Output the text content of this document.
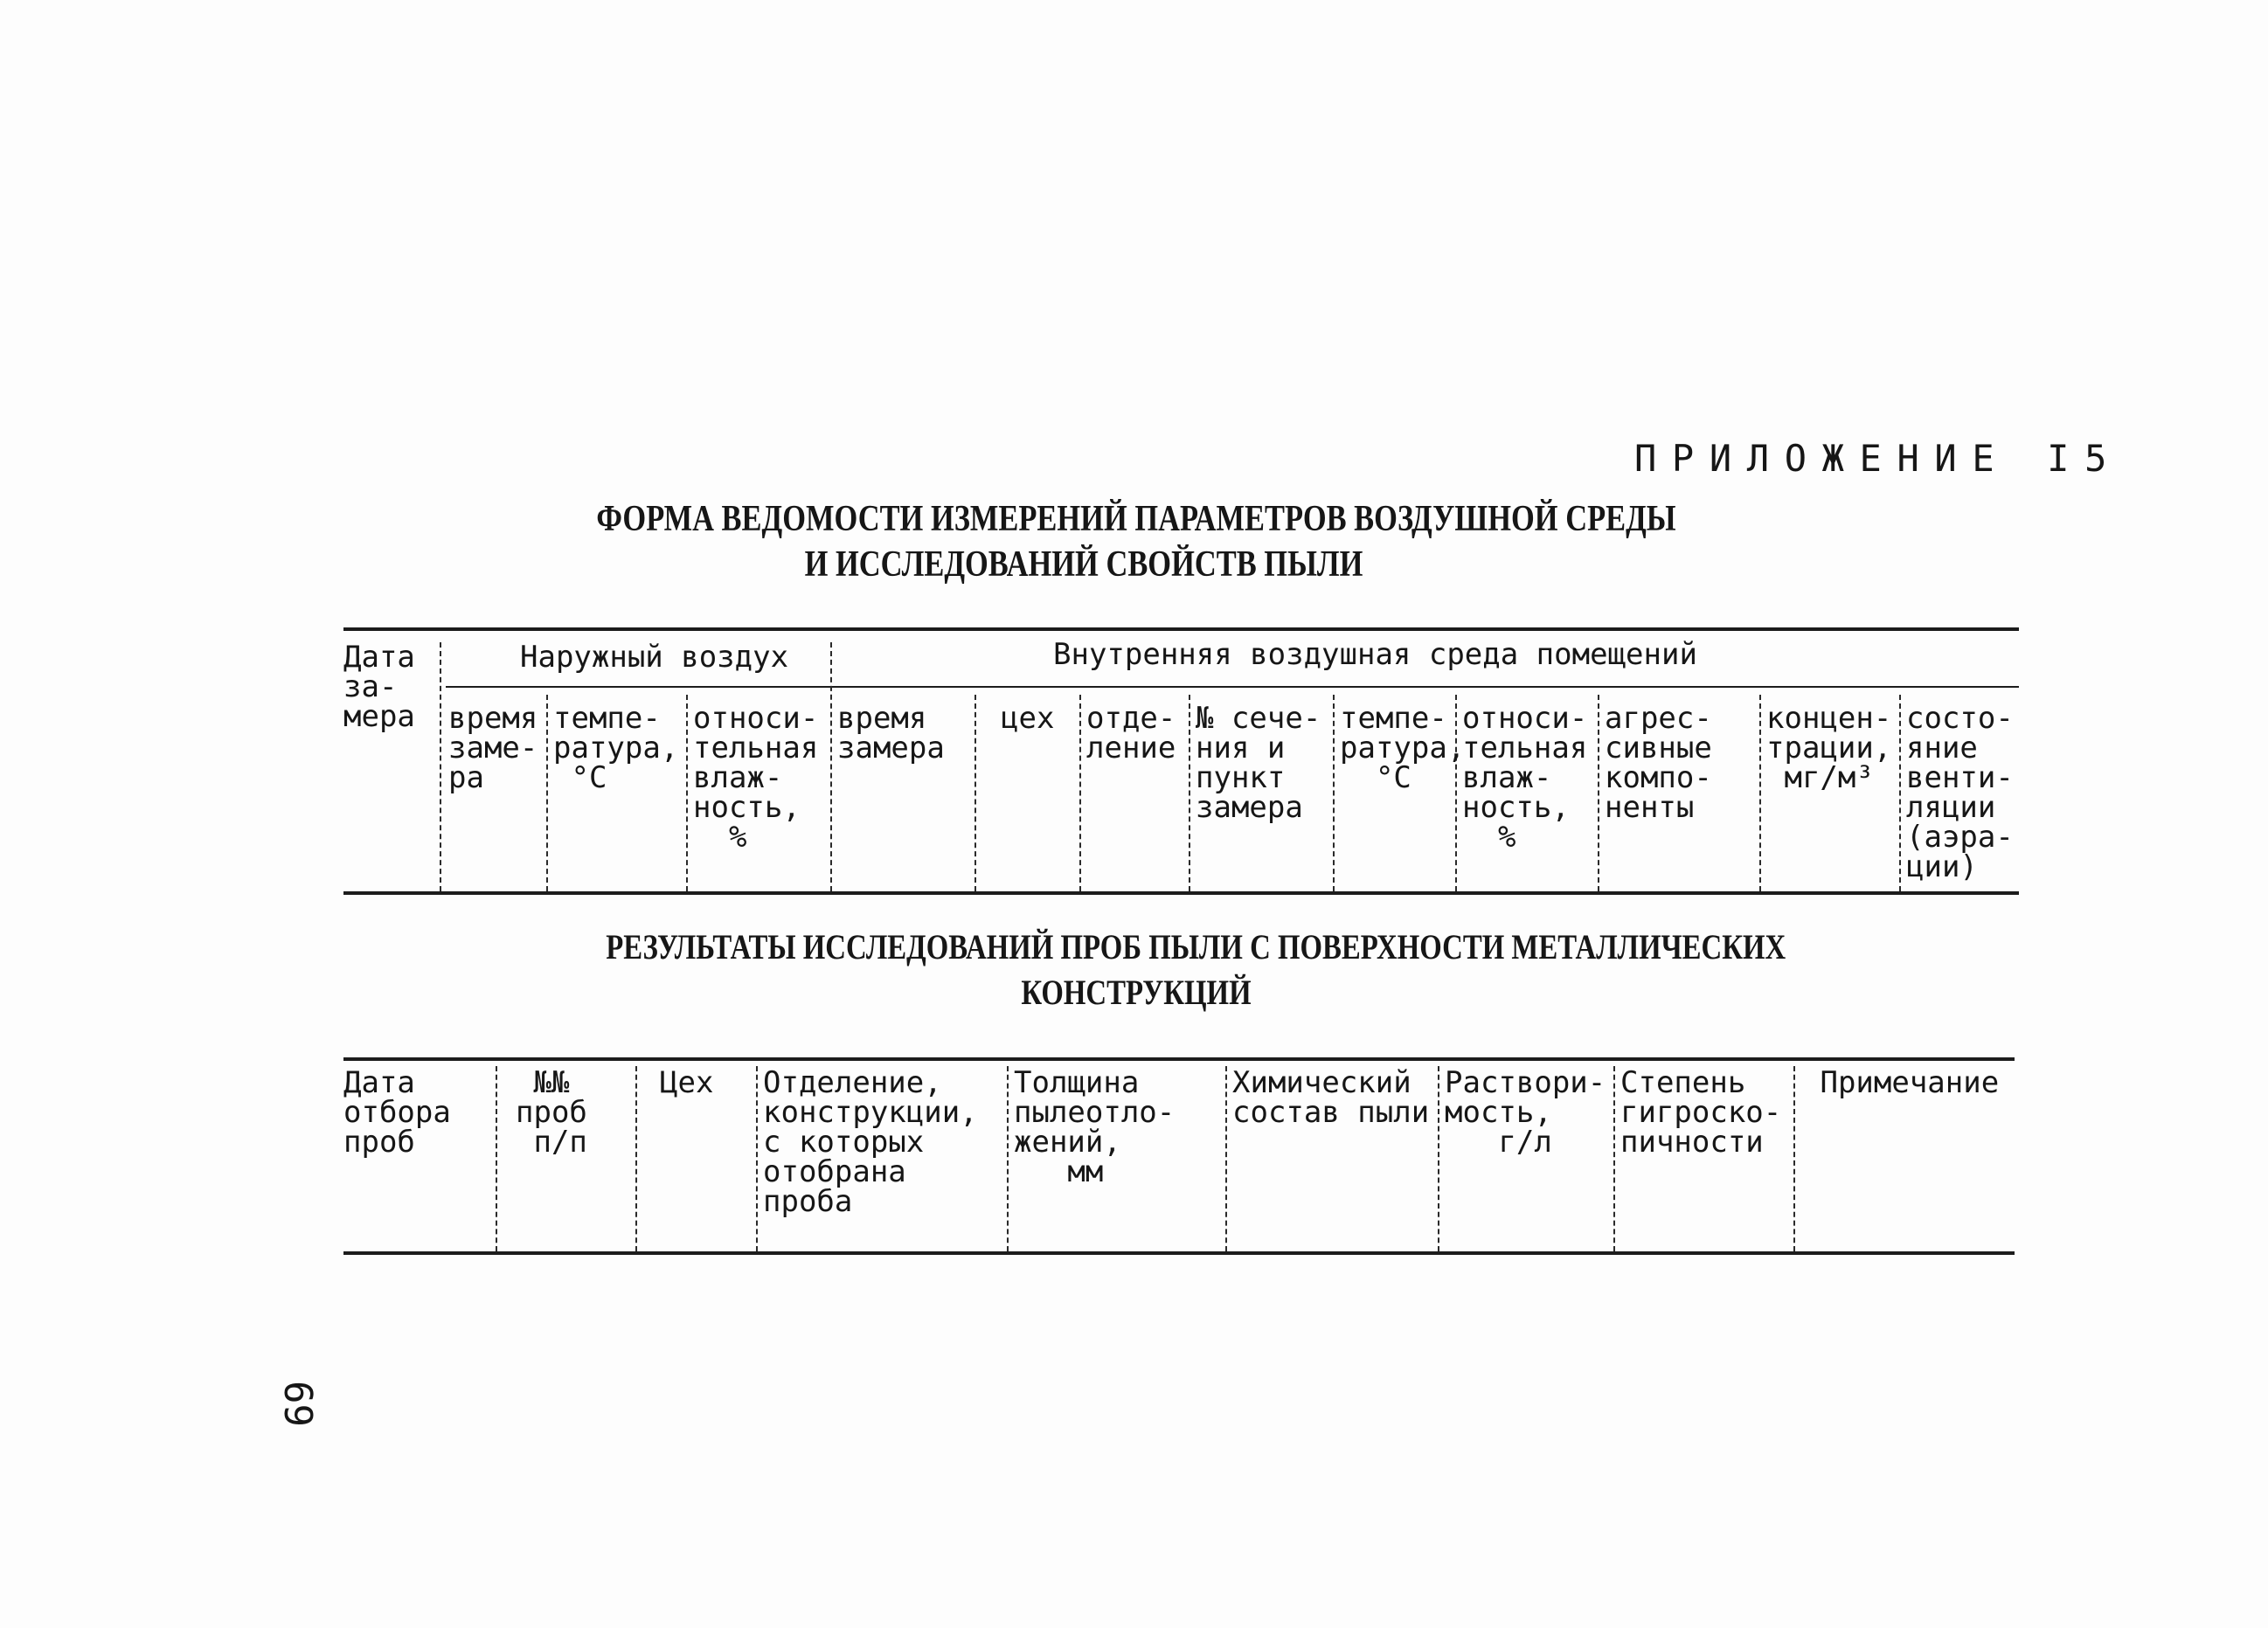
ПРИЛОЖЕНИЕ I5
ФОРМА ВЕДОМОСТИ ИЗМЕРЕНИЙ ПАРАМЕТРОВ ВОЗДУШНОЙ СРЕДЫ
И ИССЛЕДОВАНИЙ СВОЙСТВ ПЫЛИ
Дата
за-
мера
Наружный воздух	Внутренняя воздушная среда помещений
время
заме-
ра
темпе-
ратура,
°С
относи-
тельная
влаж-
ность,
%
время
замера
цех отде-
ление
№ сече-
ния и
пункт
замера
темпе-
ратура,
°С
относи-
тельная
влаж-
ность,
%
агрес-
сивные
компо-
ненты
концен-
трации,
мг/м³
состо-
яние
венти-
ляции
(аэра-
ции)
РЕЗУЛЬТАТЫ ИССЛЕДОВАНИЙ ПРОБ ПЫЛИ С ПОВЕРХНОСТИ МЕТАЛЛИЧЕСКИХ
КОНСТРУКЦИЙ
Дата
отбора
проб
№№
проб
п/п
Цех Отделение,
конструкции,
с которых
отобрана
проба
Толщина
пылеотло-
жений,
мм
Химический
состав пыли
Раствори-
мость,
г/л
Степень
гигроско-
пичности
Примечание
69
